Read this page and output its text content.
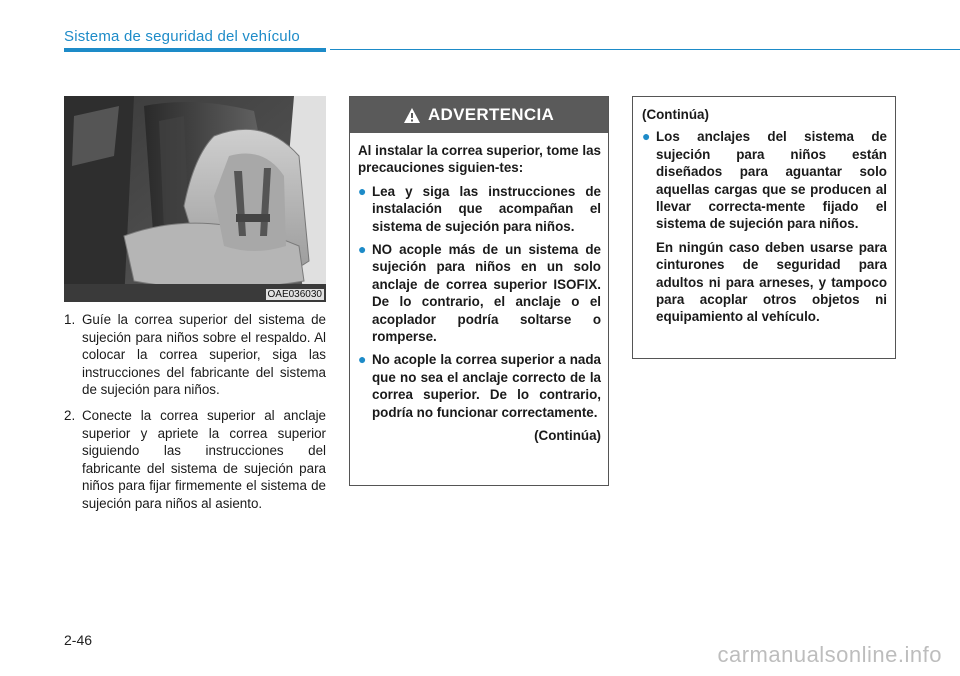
Sistema de seguridad del vehículo
OAE036030
1. Guíe la correa superior del sistema de sujeción para niños sobre el respaldo. Al colocar la correa superior, siga las instrucciones del fabricante del sistema de sujeción para niños.
2. Conecte la correa superior al anclaje superior y apriete la correa superior siguiendo las instrucciones del fabricante del sistema de sujeción para niños para fijar firmemente el sistema de sujeción para niños al asiento.
ADVERTENCIA
Al instalar la correa superior, tome las precauciones siguien-tes:
● Lea y siga las instrucciones de instalación que acompañan el sistema de sujeción para niños.
● NO acople más de un sistema de sujeción para niños en un solo anclaje de correa superior ISOFIX. De lo contrario, el anclaje o el acoplador podría soltarse o romperse.
● No acople la correa superior a nada que no sea el anclaje correcto de la correa superior. De lo contrario, podría no funcionar correctamente.
(Continúa)
(Continúa)
● Los anclajes del sistema de sujeción para niños están diseñados para aguantar solo aquellas cargas que se producen al llevar correcta-mente fijado el sistema de sujeción para niños.
En ningún caso deben usarse para cinturones de seguridad para adultos ni para arneses, y tampoco para acoplar otros objetos ni equipamiento al vehículo.
2-46
carmanualsonline.info
